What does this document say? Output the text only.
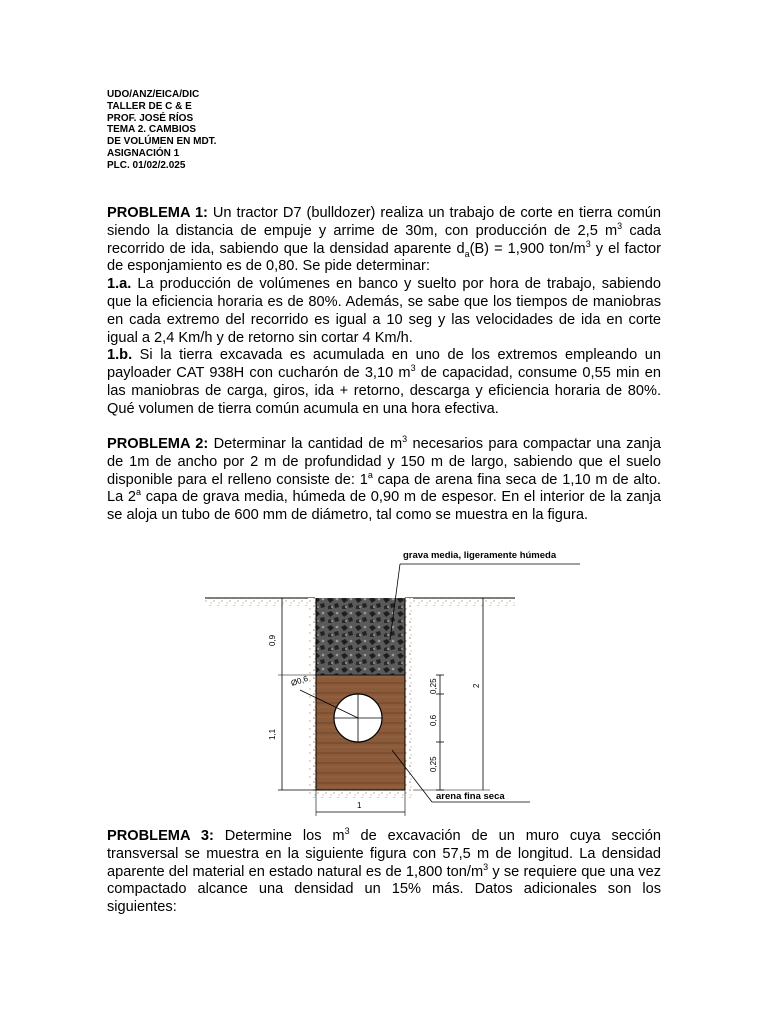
UDO/ANZ/EICA/DIC
TALLER DE C & E
PROF. JOSÉ RÍOS
TEMA 2. CAMBIOS
DE VOLÚMEN EN MDT.
ASIGNACIÓN 1
PLC. 01/02/2.025

PROBLEMA 1: Un tractor D7 (bulldozer) realiza un trabajo de corte en tierra común siendo la distancia de empuje y arrime de 30m, con producción de 2,5 $m^3$ cada recorrido de ida, sabiendo que la densidad aparente $d_a(B) = 1,900$ ton/$m^3$ y el factor de esponjamiento es de 0,80. Se pide determinar:
1.a. La producción de volúmenes en banco y suelto por hora de trabajo, sabiendo que la eficiencia horaria es de 80%. Además, se sabe que los tiempos de maniobras en cada extremo del recorrido es igual a 10 seg y las velocidades de ida en corte igual a 2,4 Km/h y de retorno sin cortar 4 Km/h.
1.b. Si la tierra excavada es acumulada en uno de los extremos empleando un payloader CAT 938H con cucharón de 3,10 $m^3$ de capacidad, consume 0,55 min en las maniobras de carga, giros, ida + retorno, descarga y eficiencia horaria de 80%. Qué volumen de tierra común acumula en una hora efectiva.

PROBLEMA 2: Determinar la cantidad de $m^3$ necesarios para compactar una zanja de 1m de ancho por 2 m de profundidad y 150 m de largo, sabiendo que el suelo disponible para el relleno consiste de: 1$^a$ capa de arena fina seca de 1,10 m de alto. La 2$^a$ capa de grava media, húmeda de 0,90 m de espesor. En el interior de la zanja se aloja un tubo de 600 mm de diámetro, tal como se muestra en la figura.

grava media, ligeramente húmeda
arena fina seca
0,9
1,1
Ø0,6	0,25
0,6
0,25
2
1

PROBLEMA 3: Determine los $m^3$ de excavación de un muro cuya sección transversal se muestra en la siguiente figura con 57,5 m de longitud. La densidad aparente del material en estado natural es de 1,800 ton/$m^3$ y se requiere que una vez compactado alcance una densidad un 15% más. Datos adicionales son los siguientes:
